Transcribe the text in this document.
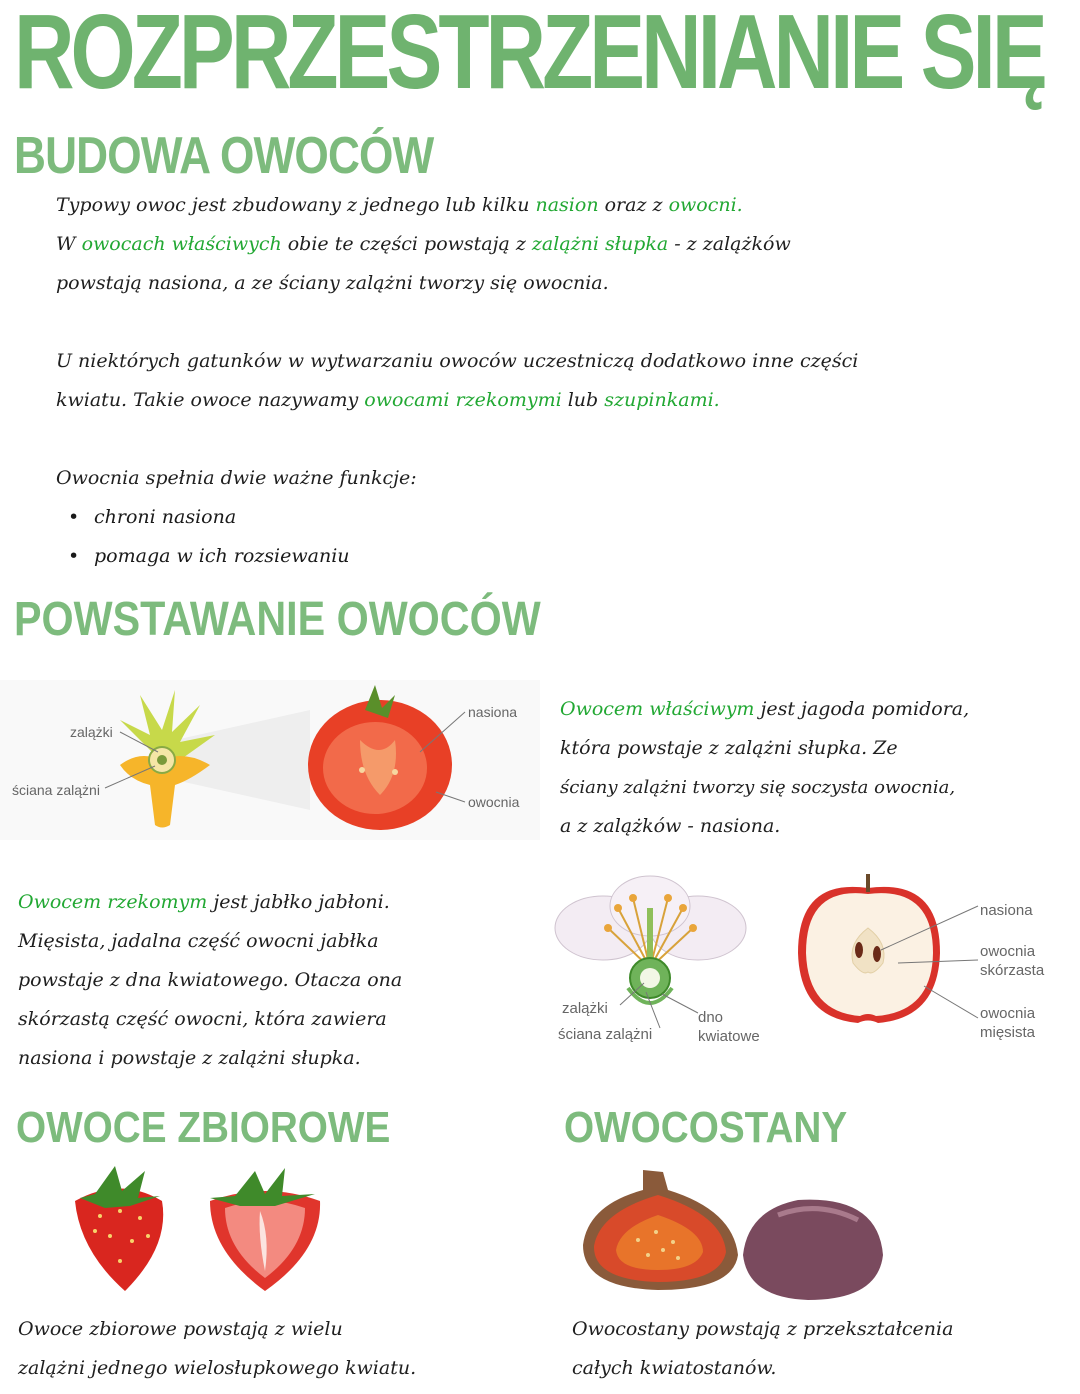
ROZPRZESTRZENIANIE SIĘ
BUDOWA OWOCÓW

Typowy owoc jest zbudowany z jednego lub kilku nasion oraz z owocni.

W owocach właściwych obie te części powstają z zalążni słupka - z zalążków

powstają nasiona, a ze ściany zalążni tworzy się owocnia.

U niektórych gatunków w wytwarzaniu owoców uczestniczą dodatkowo inne części

kwiatu. Takie owoce nazywamy owocami rzekomymi lub szupinkami.

Owocnia spełnia dwie ważne funkcje:

• chroni nasiona
• pomaga w ich rozsiewaniu
POWSTAWANIE OWOCÓW
zalążki
ściana zalążni
nasiona
owocnia

Owocem właściwym jest jagoda pomidora,

która powstaje z zalążni słupka. Ze

ściany zalążni tworzy się soczysta owocnia,

a z zalążków - nasiona.

Owocem rzekomym jest jabłko jabłoni.

Mięsista, jadalna część owocni jabłka

powstaje z dna kwiatowego. Otacza ona

skórzastą część owocni, która zawiera

nasiona i powstaje z zalążni słupka.

zalążki
ściana zalążni
dno kwiatowe
nasiona
owocnia skórzasta
owocnia mięsista
OWOCE ZBIOROWE

Owoce zbiorowe powstają z wielu

zalążni jednego wielosłupkowego kwiatu.

OWOCOSTANY

Owocostany powstają z przekształcenia

całych kwiatostanów.
